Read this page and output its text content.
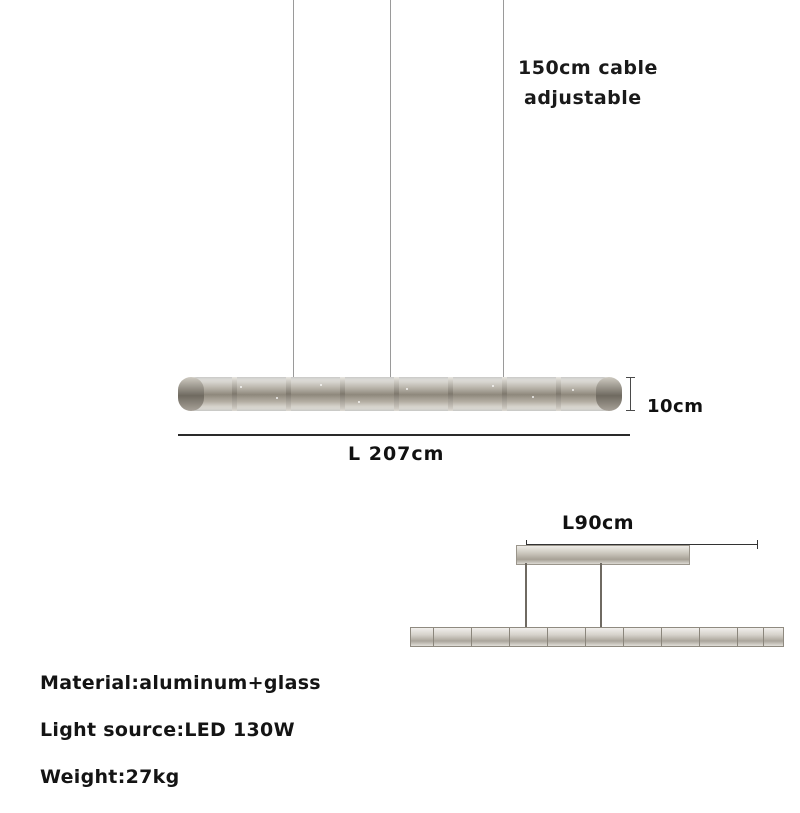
150cm cable
adjustable
10cm
L 207cm
L90cm
Material:aluminum+glass
Light source:LED 130W
Weight:27kg
